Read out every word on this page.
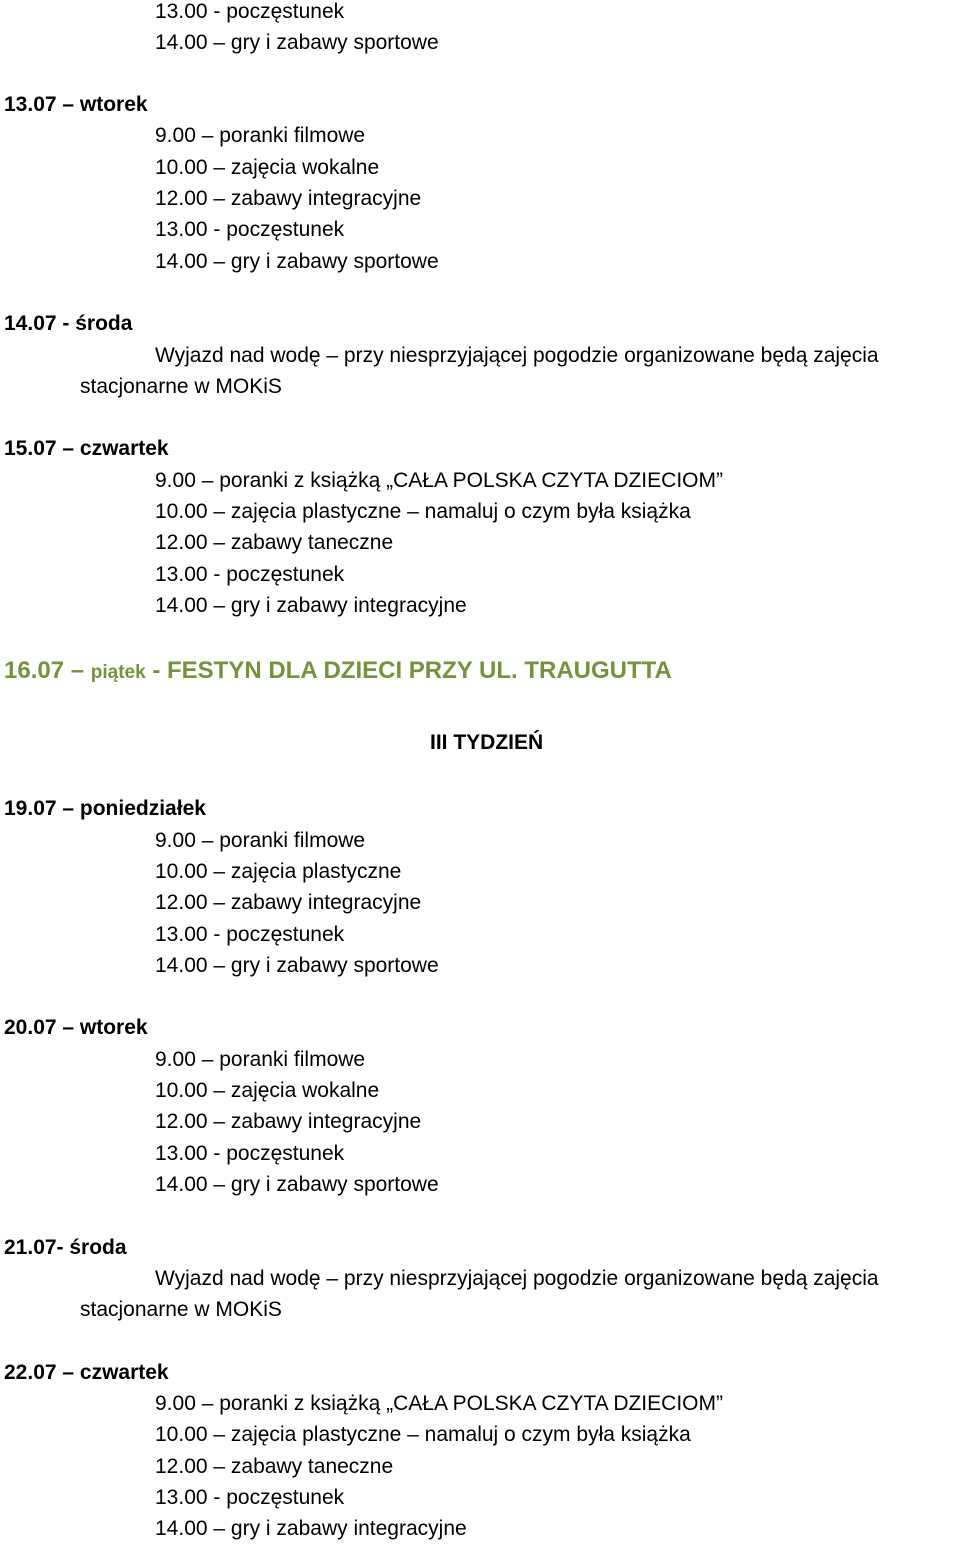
13.00 - poczęstunek
14.00 – gry i zabawy sportowe
13.07 – wtorek
9.00 – poranki filmowe
10.00 – zajęcia wokalne
12.00 – zabawy integracyjne
13.00 - poczęstunek
14.00 – gry i zabawy sportowe
14.07 - środa
Wyjazd nad wodę – przy niesprzyjającej pogodzie organizowane będą zajęcia
stacjonarne w MOKiS
15.07 – czwartek
9.00 – poranki z książką „CAŁA POLSKA CZYTA DZIECIOM”
10.00 – zajęcia plastyczne – namaluj o czym była książka
12.00 – zabawy taneczne
13.00 - poczęstunek
14.00 – gry i zabawy integracyjne
16.07 – piątek - FESTYN DLA DZIECI PRZY UL. TRAUGUTTA
III TYDZIEŃ
19.07 – poniedziałek
9.00 – poranki filmowe
10.00 – zajęcia plastyczne
12.00 – zabawy integracyjne
13.00 - poczęstunek
14.00 – gry i zabawy sportowe
20.07 – wtorek
9.00 – poranki filmowe
10.00 – zajęcia wokalne
12.00 – zabawy integracyjne
13.00 - poczęstunek
14.00 – gry i zabawy sportowe
21.07- środa
Wyjazd nad wodę – przy niesprzyjającej pogodzie organizowane będą zajęcia
stacjonarne w MOKiS
22.07 – czwartek
9.00 – poranki z książką „CAŁA POLSKA CZYTA DZIECIOM”
10.00 – zajęcia plastyczne – namaluj o czym była książka
12.00 – zabawy taneczne
13.00 - poczęstunek
14.00 – gry i zabawy integracyjne
